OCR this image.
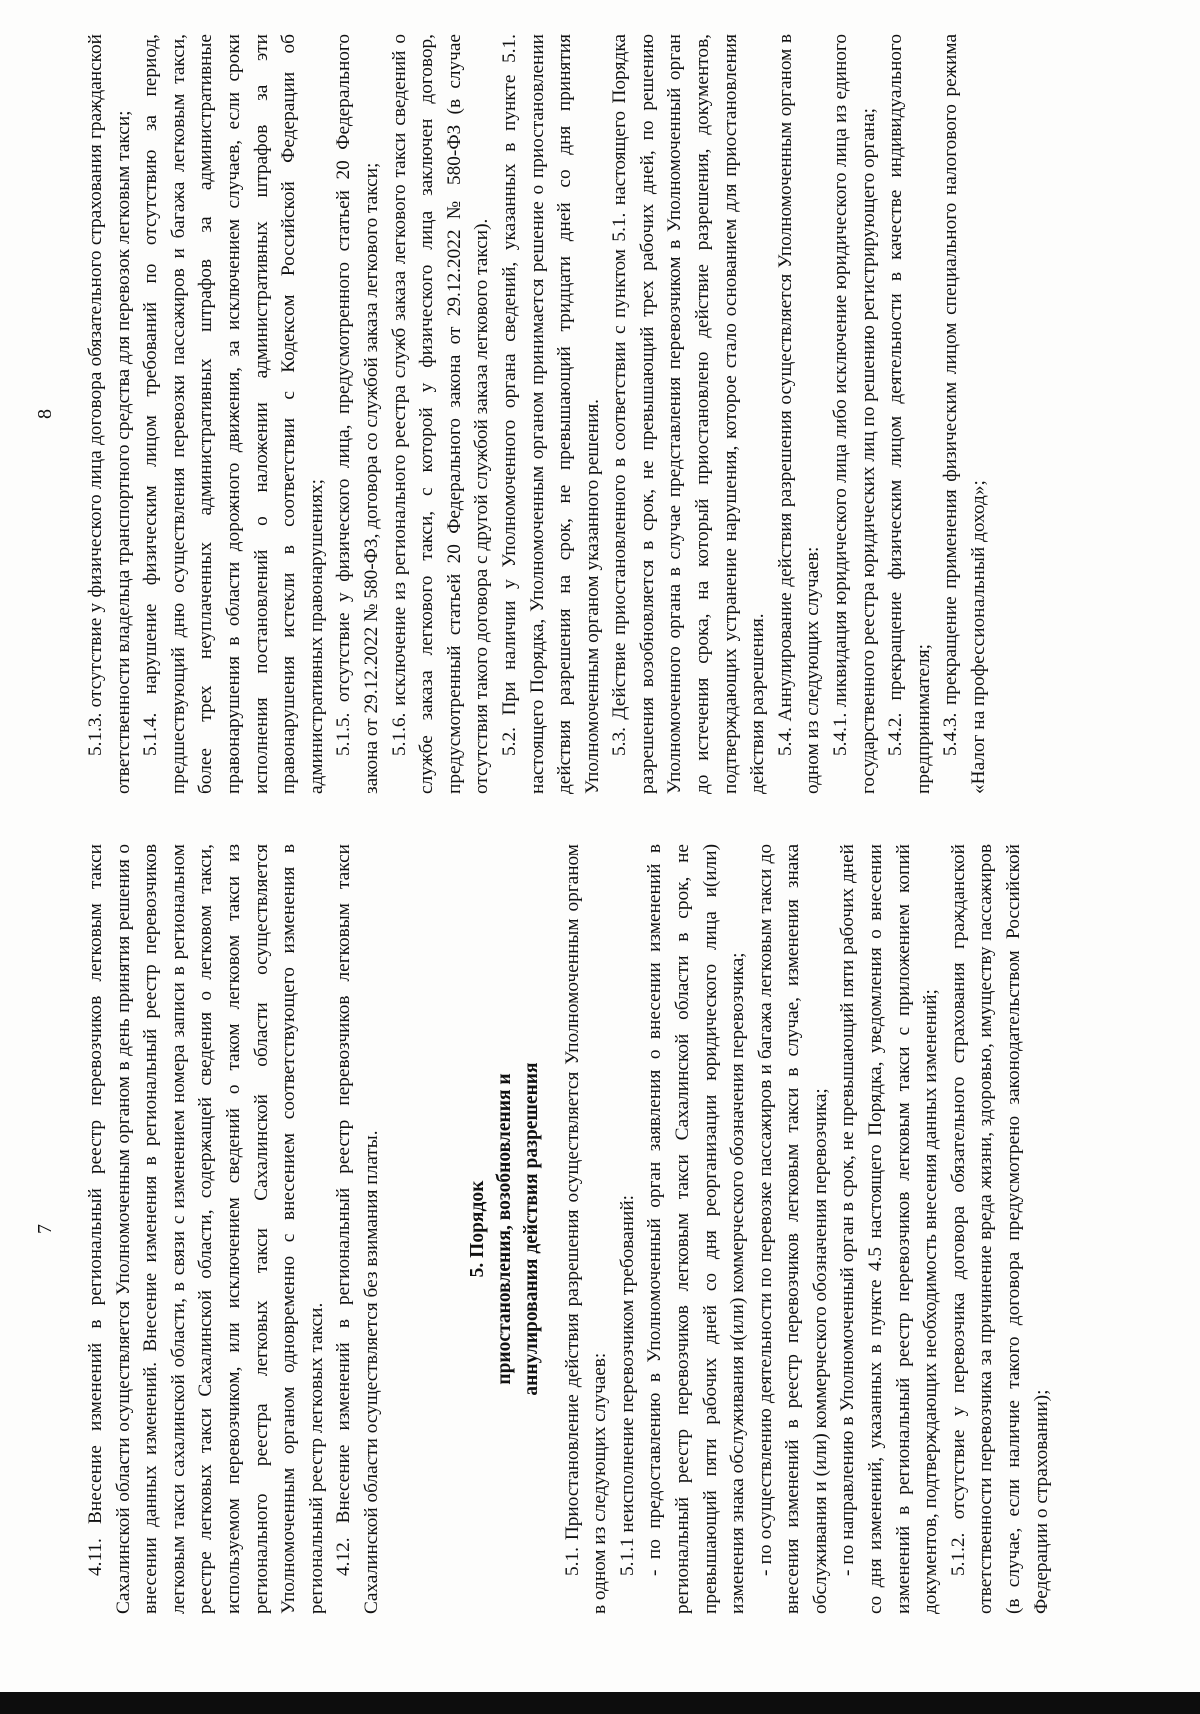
7 4.11. Внесение изменений в региональный реестр перевозчиков легковым такси Сахалинской области осуществляется Уполномоченным органом в день принятия решения о внесении данных изменений. Внесение изменения в региональный реестр перевозчиков легковым такси сахалинской области, в связи с изменением номера записи в региональном реестре легковых такси Сахалинской области, содержащей сведения о легковом такси, используемом перевозчиком, или исключением сведений о таком легковом такси из регионального реестра легковых такси Сахалинской области осуществляется Уполномоченным органом одновременно с внесением соответствующего изменения в региональный реестр легковых такси. 4.12. Внесение изменений в региональный реестр перевозчиков легковым такси Сахалинской области осуществляется без взимания платы.	5. Порядок приостановления, возобновления и аннулирования действия разрешения 5.1. Приостановление действия разрешения осуществляется Уполномоченным органом в одном из следующих случаев: 5.1.1 неисполнение перевозчиком требований: - по предоставлению в Уполномоченный орган заявления о внесении изменений в региональный реестр перевозчиков легковым такси Сахалинской области в срок, не превышающий пяти рабочих дней со дня реорганизации юридического лица и(или) изменения знака обслуживания и(или) коммерческого обозначения перевозчика; - по осуществлению деятельности по перевозке пассажиров и багажа легковым такси до внесения изменений в реестр перевозчиков легковым такси в случае, изменения знака обслуживания и (или) коммерческого обозначения перевозчика; - по направлению в Уполномоченный орган в срок, не превышающий пяти рабочих дней со дня изменений, указанных в пункте 4.5 настоящего Порядка, уведомления о внесении изменений в региональный реестр перевозчиков легковым такси с приложением копий документов, подтверждающих необходимость внесения данных изменений; 5.1.2. отсутствие у перевозчика договора обязательного страхования гражданской ответственности перевозчика за причинение вреда жизни, здоровью, имуществу пассажиров (в случае, если наличие такого договора предусмотрено законодательством Российской Федерации о страховании);

8 5.1.3. отсутствие у физического лица договора обязательного страхования гражданской ответственности владельца транспортного средства для перевозок легковым такси; 5.1.4. нарушение физическим лицом требований по отсутствию за период, предшествующий дню осуществления перевозки пассажиров и багажа легковым такси, более трех неуплаченных административных штрафов за административные правонарушения в области дорожного движения, за исключением случаев, если сроки исполнения постановлений о наложении административных штрафов за эти правонарушения истекли в соответствии с Кодексом Российской Федерации об административных правонарушениях; 5.1.5. отсутствие у физического лица, предусмотренного статьей 20 Федерального закона от 29.12.2022 № 580-ФЗ, договора со службой заказа легкового такси; 5.1.6. исключение из регионального реестра служб заказа легкового такси сведений о службе заказа легкового такси, с которой у физического лица заключен договор, предусмотренный статьей 20 Федерального закона от 29.12.2022 № 580-ФЗ (в случае отсутствия такого договора с другой службой заказа легкового такси). 5.2. При наличии у Уполномоченного органа сведений, указанных в пункте 5.1. настоящего Порядка, Уполномоченным органом принимается решение о приостановлении действия разрешения на срок, не превышающий тридцати дней со дня принятия Уполномоченным органом указанного решения. 5.3. Действие приостановленного в соответствии с пунктом 5.1. настоящего Порядка разрешения возобновляется в срок, не превышающий трех рабочих дней, по решению Уполномоченного органа в случае представления перевозчиком в Уполномоченный орган до истечения срока, на который приостановлено действие разрешения, документов, подтверждающих устранение нарушения, которое стало основанием для приостановления действия разрешения. 5.4. Аннулирование действия разрешения осуществляется Уполномоченным органом в одном из следующих случаев: 5.4.1. ликвидация юридического лица либо исключение юридического лица из единого государственного реестра юридических лиц по решению регистрирующего органа; 5.4.2. прекращение физическим лицом деятельности в качестве индивидуального предпринимателя; 5.4.3. прекращение применения физическим лицом специального налогового режима «Налог на профессиональный доход»;
